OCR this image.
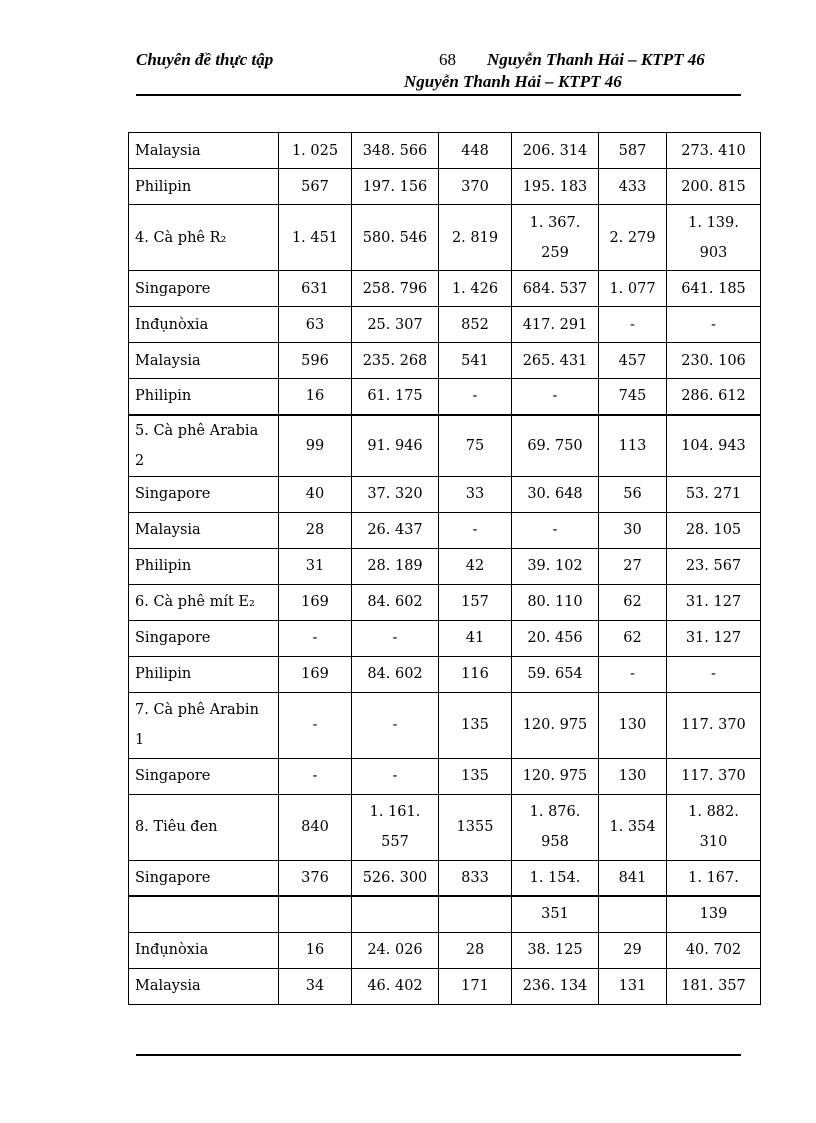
Chuyên đề thực tập	68 Nguyễn Thanh Hải – KTPT 46
Nguyễn Thanh Hải – KTPT 46
Malaysia	1. 025	348. 566	448	206. 314	587	273. 410
Philipin	567	197. 156	370	195. 183	433	200. 815
4. Cà phê R₂	1. 451	580. 546	2. 819	1. 367. 259	2. 279	1. 139. 903
Singapore	631	258. 796	1. 426	684. 537	1. 077	641. 185
Inđụnòxia	63	25. 307	852	417. 291	-	-
Malaysia	596	235. 268	541	265. 431	457	230. 106
Philipin	16	61. 175	-	-	745	286. 612
5. Cà phê Arabia 2	99	91. 946	75	69. 750	113	104. 943
Singapore	40	37. 320	33	30. 648	56	53. 271
Malaysia	28	26. 437	-	-	30	28. 105
Philipin	31	28. 189	42	39. 102	27	23. 567
6. Cà phê mít E₂	169	84. 602	157	80. 110	62	31. 127
Singapore	-	-	41	20. 456	62	31. 127
Philipin	169	84. 602	116	59. 654	-	-
7. Cà phê Arabin 1	-	-	135	120. 975	130	117. 370
Singapore	-	-	135	120. 975	130	117. 370
8. Tiêu đen	840	1. 161. 557	1355	1. 876. 958	1. 354	1. 882. 310
Singapore	376	526. 300	833	1. 154.	841	1. 167.
				351		139
Inđụnòxia	16	24. 026	28	38. 125	29	40. 702
Malaysia	34	46. 402	171	236. 134	131	181. 357
